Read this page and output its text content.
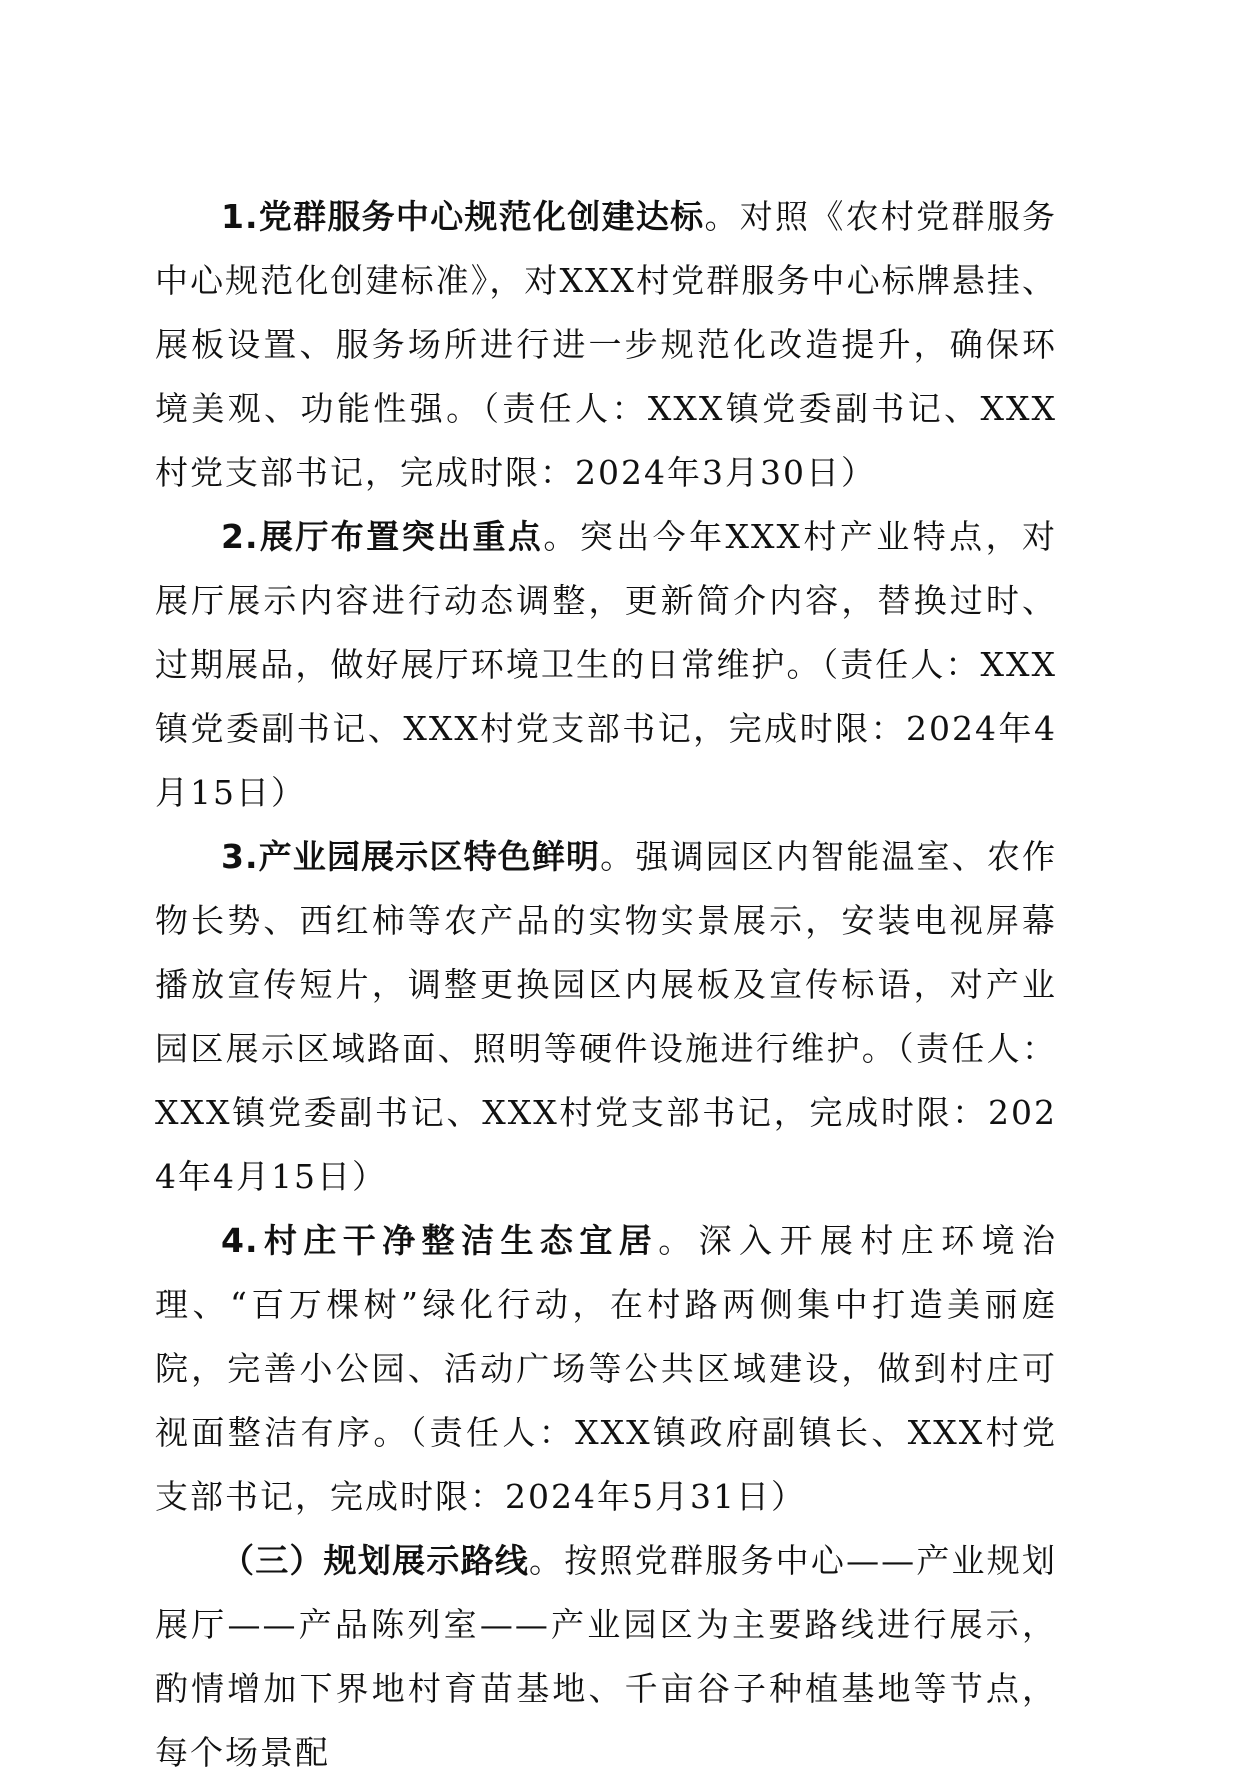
1.党群服务中心规范化创建达标。对照《农村党群服务中心规范化创建标准》，对XXX村党群服务中心标牌悬挂、展板设置、服务场所进行进一步规范化改造提升，确保环境美观、功能性强。（责任人：XXX镇党委副书记、XXX村党支部书记，完成时限：2024年3月30日）

2.展厅布置突出重点。突出今年XXX村产业特点，对展厅展示内容进行动态调整，更新简介内容，替换过时、过期展品，做好展厅环境卫生的日常维护。（责任人：XXX镇党委副书记、XXX村党支部书记，完成时限：2024年4月15日）

3.产业园展示区特色鲜明。强调园区内智能温室、农作物长势、西红柿等农产品的实物实景展示，安装电视屏幕播放宣传短片，调整更换园区内展板及宣传标语，对产业园区展示区域路面、照明等硬件设施进行维护。（责任人：XXX镇党委副书记、XXX村党支部书记，完成时限：2024年4月15日）

4.村庄干净整洁生态宜居。深入开展村庄环境治理、“百万棵树”绿化行动，在村路两侧集中打造美丽庭院，完善小公园、活动广场等公共区域建设，做到村庄可视面整洁有序。（责任人：XXX镇政府副镇长、XXX村党支部书记，完成时限：2024年5月31日）

（三）规划展示路线。按照党群服务中心——产业规划展厅——产品陈列室——产业园区为主要路线进行展示，酌情增加下界地村育苗基地、千亩谷子种植基地等节点，每个场景配
